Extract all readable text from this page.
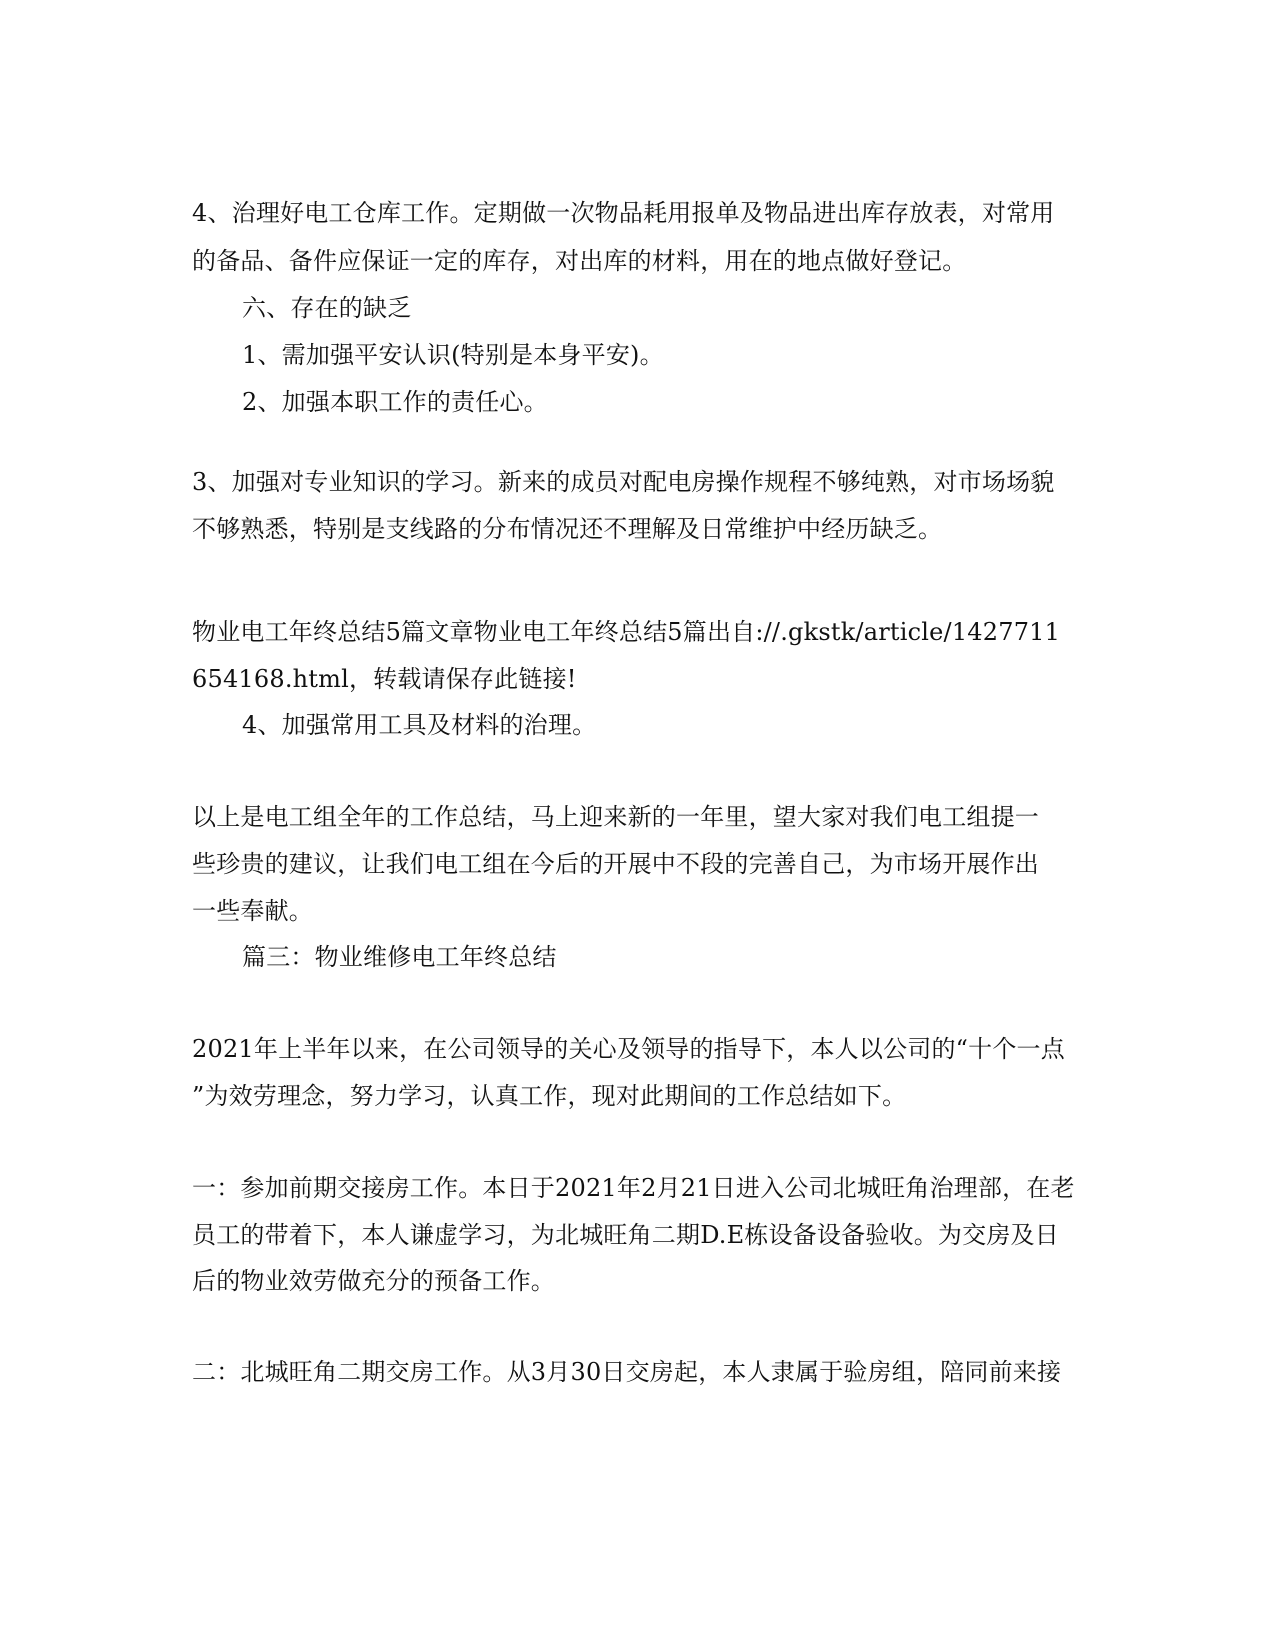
4、治理好电工仓库工作。定期做一次物品耗用报单及物品进出库存放表，对常用
的备品、备件应保证一定的库存，对出库的材料，用在的地点做好登记。
六、存在的缺乏
1、需加强平安认识(特别是本身平安)。
2、加强本职工作的责任心。
3、加强对专业知识的学习。新来的成员对配电房操作规程不够纯熟，对市场场貌
不够熟悉，特别是支线路的分布情况还不理解及日常维护中经历缺乏。
物业电工年终总结5篇文章物业电工年终总结5篇出自://.gkstk/article/1427711
654168.html，转载请保存此链接!
4、加强常用工具及材料的治理。
以上是电工组全年的工作总结，马上迎来新的一年里，望大家对我们电工组提一
些珍贵的建议，让我们电工组在今后的开展中不段的完善自己，为市场开展作出
一些奉献。
篇三：物业维修电工年终总结
2021年上半年以来，在公司领导的关心及领导的指导下，本人以公司的“十个一点
”为效劳理念，努力学习，认真工作，现对此期间的工作总结如下。
一：参加前期交接房工作。本日于2021年2月21日进入公司北城旺角治理部，在老
员工的带着下，本人谦虚学习，为北城旺角二期D.E栋设备设备验收。为交房及日
后的物业效劳做充分的预备工作。
二：北城旺角二期交房工作。从3月30日交房起，本人隶属于验房组，陪同前来接
